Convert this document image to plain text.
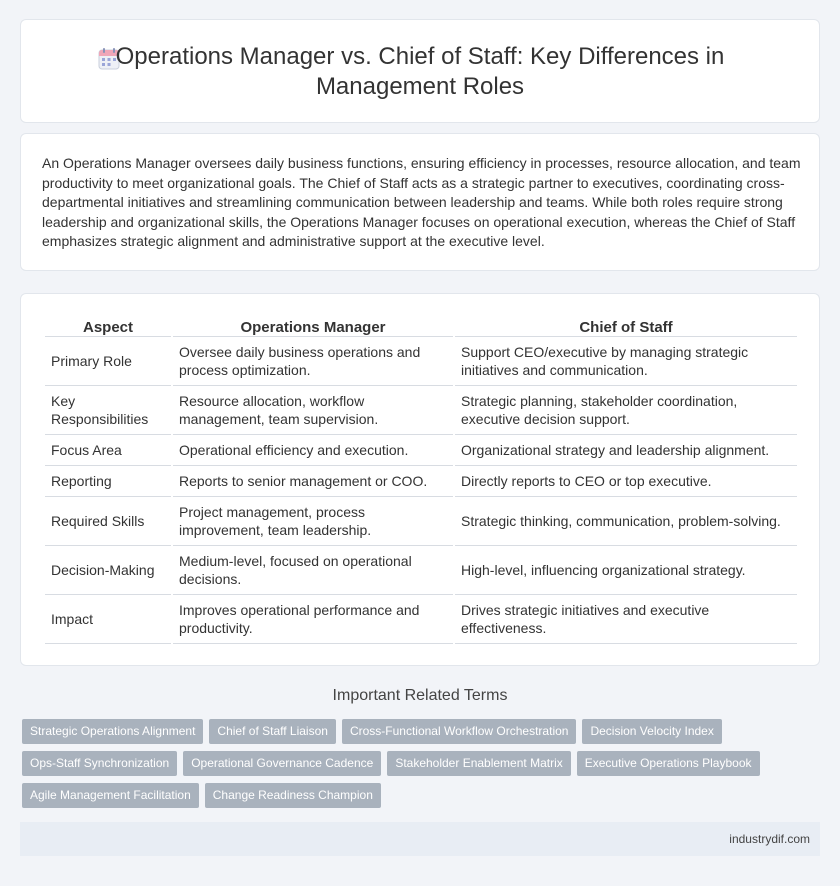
Operations Manager vs. Chief of Staff: Key Differences in
Management Roles

An Operations Manager oversees daily business functions, ensuring efficiency in processes, resource allocation, and team productivity to meet organizational goals. The Chief of Staff acts as a strategic partner to executives, coordinating cross-departmental initiatives and streamlining communication between leadership and teams. While both roles require strong leadership and organizational skills, the Operations Manager focuses on operational execution, whereas the Chief of Staff emphasizes strategic alignment and administrative support at the executive level.

Aspect	Operations Manager	Chief of Staff
Primary Role	Oversee daily business operations and process optimization.	Support CEO/executive by managing strategic initiatives and communication.
Key Responsibilities	Resource allocation, workflow management, team supervision.	Strategic planning, stakeholder coordination, executive decision support.
Focus Area	Operational efficiency and execution.	Organizational strategy and leadership alignment.
Reporting	Reports to senior management or COO.	Directly reports to CEO or top executive.
Required Skills	Project management, process improvement, team leadership.	Strategic thinking, communication, problem-solving.
Decision-Making	Medium-level, focused on operational decisions.	High-level, influencing organizational strategy.
Impact	Improves operational performance and productivity.	Drives strategic initiatives and executive effectiveness.
Important Related Terms
Strategic Operations Alignment	Chief of Staff Liaison	Cross-Functional Workflow Orchestration	Decision Velocity Index
Ops-Staff Synchronization	Operational Governance Cadence	Stakeholder Enablement Matrix	Executive Operations Playbook
Agile Management Facilitation	Change Readiness Champion
industrydif.com
